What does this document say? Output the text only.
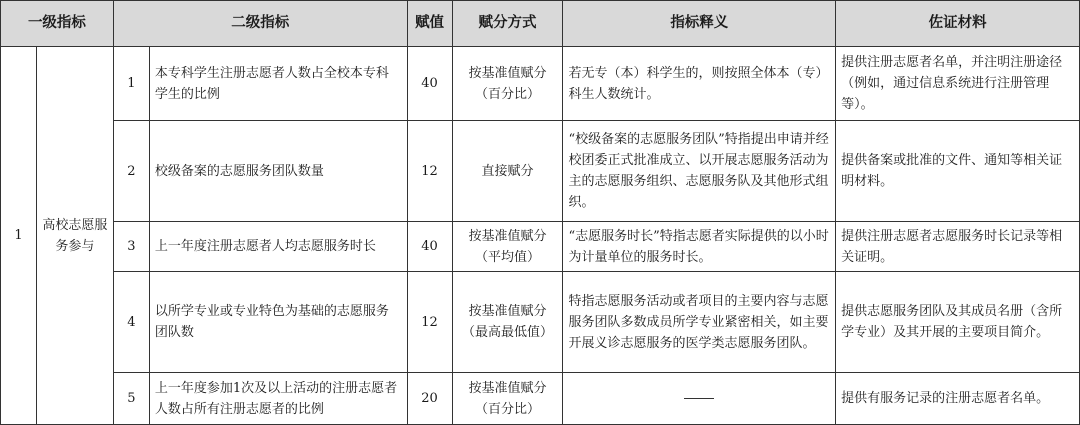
一级指标		二级指标		赋值	赋分方式	指标释义	佐证材料
1	高校志愿服务参与	1	本专科学生注册志愿者人数占全校本专科学生的比例	40	按基准值赋分（百分比）	若无专（本）科学生的，则按照全体本（专）科生人数统计。	提供注册志愿者名单，并注明注册途径（例如，通过信息系统进行注册管理等）。
		2	校级备案的志愿服务团队数量	12	直接赋分	“校级备案的志愿服务团队”特指提出申请并经校团委正式批准成立、以开展志愿服务活动为主的志愿服务组织、志愿服务队及其他形式组织。	提供备案或批准的文件、通知等相关证明材料。
		3	上一年度注册志愿者人均志愿服务时长	40	按基准值赋分（平均值）	“志愿服务时长”特指志愿者实际提供的以小时为计量单位的服务时长。	提供注册志愿者志愿服务时长记录等相关证明。
		4	以所学专业或专业特色为基础的志愿服务团队数	12	按基准值赋分（最高最低值）	特指志愿服务活动或者项目的主要内容与志愿服务团队多数成员所学专业紧密相关，如主要开展义诊志愿服务的医学类志愿服务团队。	提供志愿服务团队及其成员名册（含所学专业）及其开展的主要项目简介。
		5	上一年度参加1次及以上活动的注册志愿者人数占所有注册志愿者的比例	20	按基准值赋分（百分比）		提供有服务记录的注册志愿者名单。
